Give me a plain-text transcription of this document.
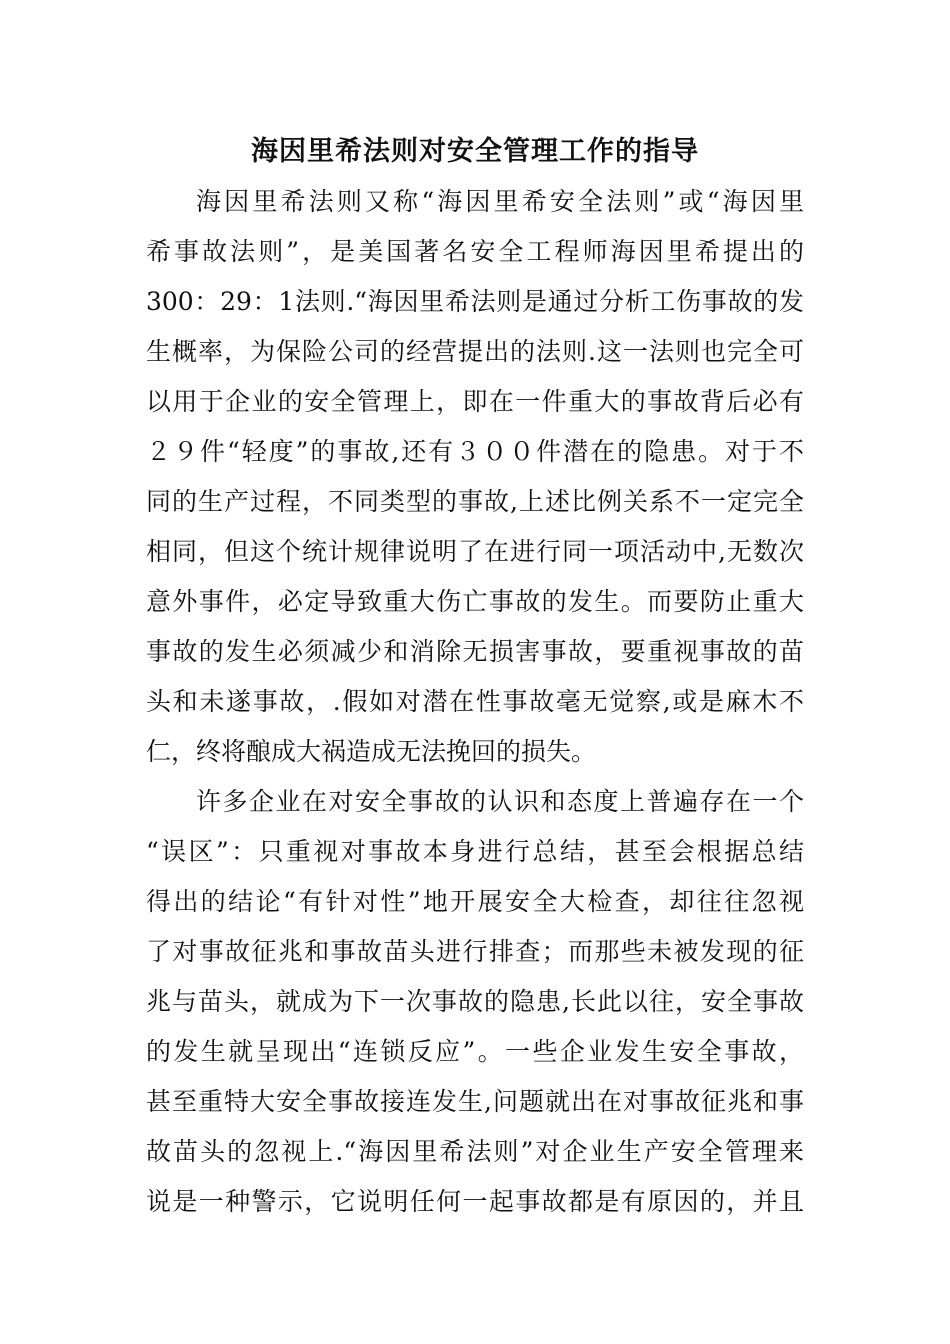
海因里希法则对安全管理工作的指导
海因里希法则又称“海因里希安全法则”或“海因里
希事故法则”，是美国著名安全工程师海因里希提出的
300：29：1法则.“海因里希法则是通过分析工伤事故的发
生概率，为保险公司的经营提出的法则.这一法则也完全可
以用于企业的安全管理上，即在一件重大的事故背后必有
２９件“轻度”的事故,还有３００件潜在的隐患。对于不
同的生产过程，不同类型的事故,上述比例关系不一定完全
相同，但这个统计规律说明了在进行同一项活动中,无数次
意外事件，必定导致重大伤亡事故的发生。而要防止重大
事故的发生必须减少和消除无损害事故，要重视事故的苗
头和未遂事故，.假如对潜在性事故毫无觉察,或是麻木不
仁，终将酿成大祸造成无法挽回的损失。
许多企业在对安全事故的认识和态度上普遍存在一个
“误区”：只重视对事故本身进行总结，甚至会根据总结
得出的结论“有针对性”地开展安全大检查，却往往忽视
了对事故征兆和事故苗头进行排查；而那些未被发现的征
兆与苗头，就成为下一次事故的隐患,长此以往，安全事故
的发生就呈现出“连锁反应”。一些企业发生安全事故，
甚至重特大安全事故接连发生,问题就出在对事故征兆和事
故苗头的忽视上.“海因里希法则”对企业生产安全管理来
说是一种警示，它说明任何一起事故都是有原因的，并且
